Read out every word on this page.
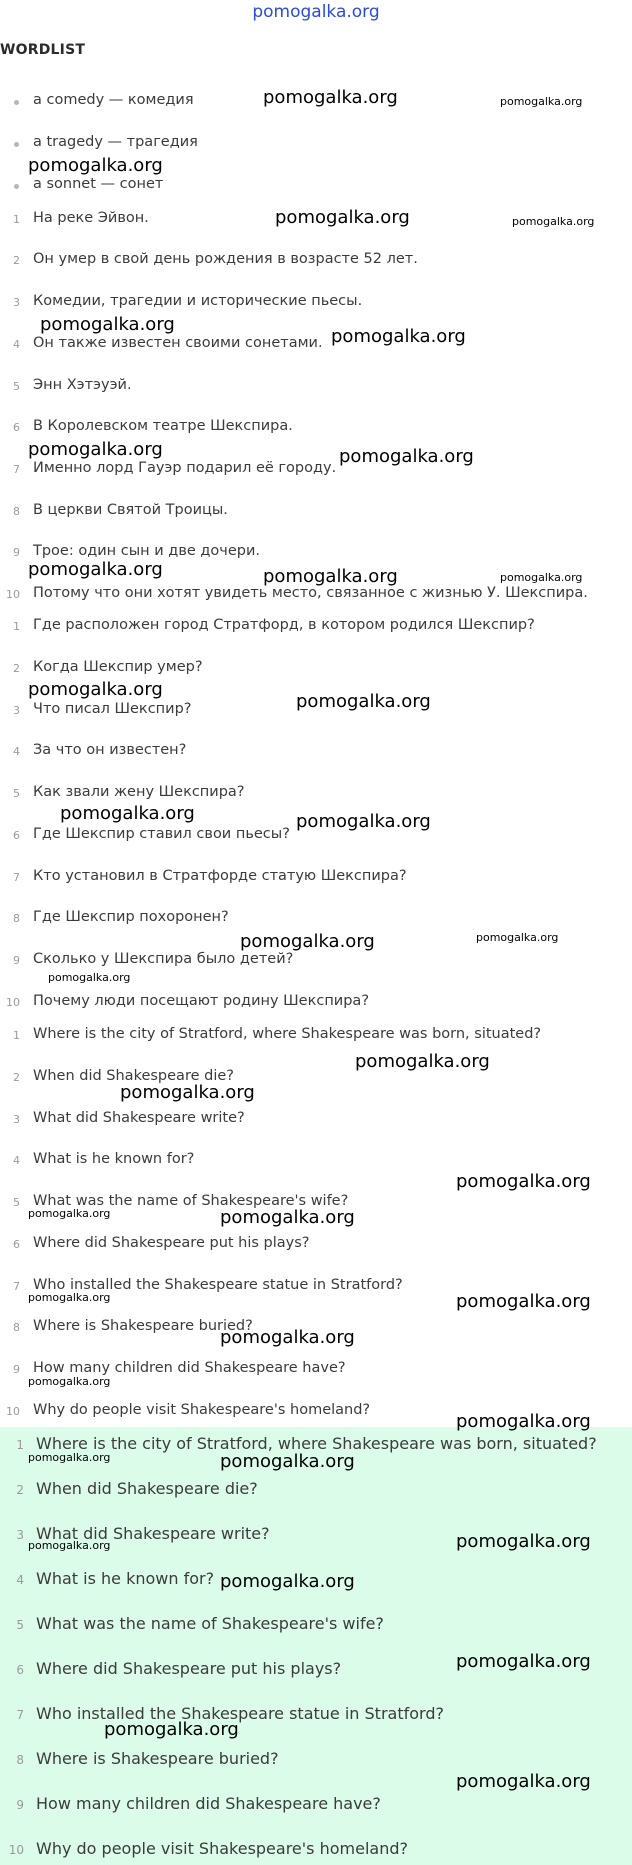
pomogalka.org
WORDLIST
a comedy — комедия
a tragedy — трагедия
a sonnet — сонет
1 На реке Эйвон.
2 Он умер в свой день рождения в возрасте 52 лет.
3 Комедии, трагедии и исторические пьесы.
4 Он также известен своими сонетами.
5 Энн Хэтэуэй.
6 В Королевском театре Шекспира.
7 Именно лорд Гауэр подарил её городу.
8 В церкви Святой Троицы.
9 Трое: один сын и две дочери.
10 Потому что они хотят увидеть место, связанное с жизнью У. Шекспира.
1 Где расположен город Стратфорд, в котором родился Шекспир?
2 Когда Шекспир умер?
3 Что писал Шекспир?
4 За что он известен?
5 Как звали жену Шекспира?
6 Где Шекспир ставил свои пьесы?
7 Кто установил в Стратфорде статую Шекспира?
8 Где Шекспир похоронен?
9 Сколько у Шекспира было детей?
10 Почему люди посещают родину Шекспира?
1 Where is the city of Stratford, where Shakespeare was born, situated?
2 When did Shakespeare die?
3 What did Shakespeare write?
4 What is he known for?
5 What was the name of Shakespeare's wife?
6 Where did Shakespeare put his plays?
7 Who installed the Shakespeare statue in Stratford?
8 Where is Shakespeare buried?
9 How many children did Shakespeare have?
10 Why do people visit Shakespeare's homeland?
1 Where is the city of Stratford, where Shakespeare was born, situated?
2 When did Shakespeare die?
3 What did Shakespeare write?
4 What is he known for?
5 What was the name of Shakespeare's wife?
6 Where did Shakespeare put his plays?
7 Who installed the Shakespeare statue in Stratford?
8 Where is Shakespeare buried?
9 How many children did Shakespeare have?
10 Why do people visit Shakespeare's homeland?
pomogalka.org	pomogalka.org
pomogalka.org
pomogalka.org	pomogalka.org
pomogalka.org
pomogalka.org
pomogalka.org	pomogalka.org
pomogalka.org	pomogalka.org	pomogalka.org
pomogalka.org
pomogalka.org
pomogalka.org	pomogalka.org
pomogalka.org	pomogalka.org
pomogalka.org
pomogalka.org
pomogalka.org
pomogalka.org
pomogalka.org	pomogalka.org
pomogalka.org	pomogalka.org
pomogalka.org
pomogalka.org
pomogalka.org
pomogalka.org	pomogalka.org
pomogalka.org	pomogalka.org
pomogalka.org
pomogalka.org
pomogalka.org
pomogalka.org
